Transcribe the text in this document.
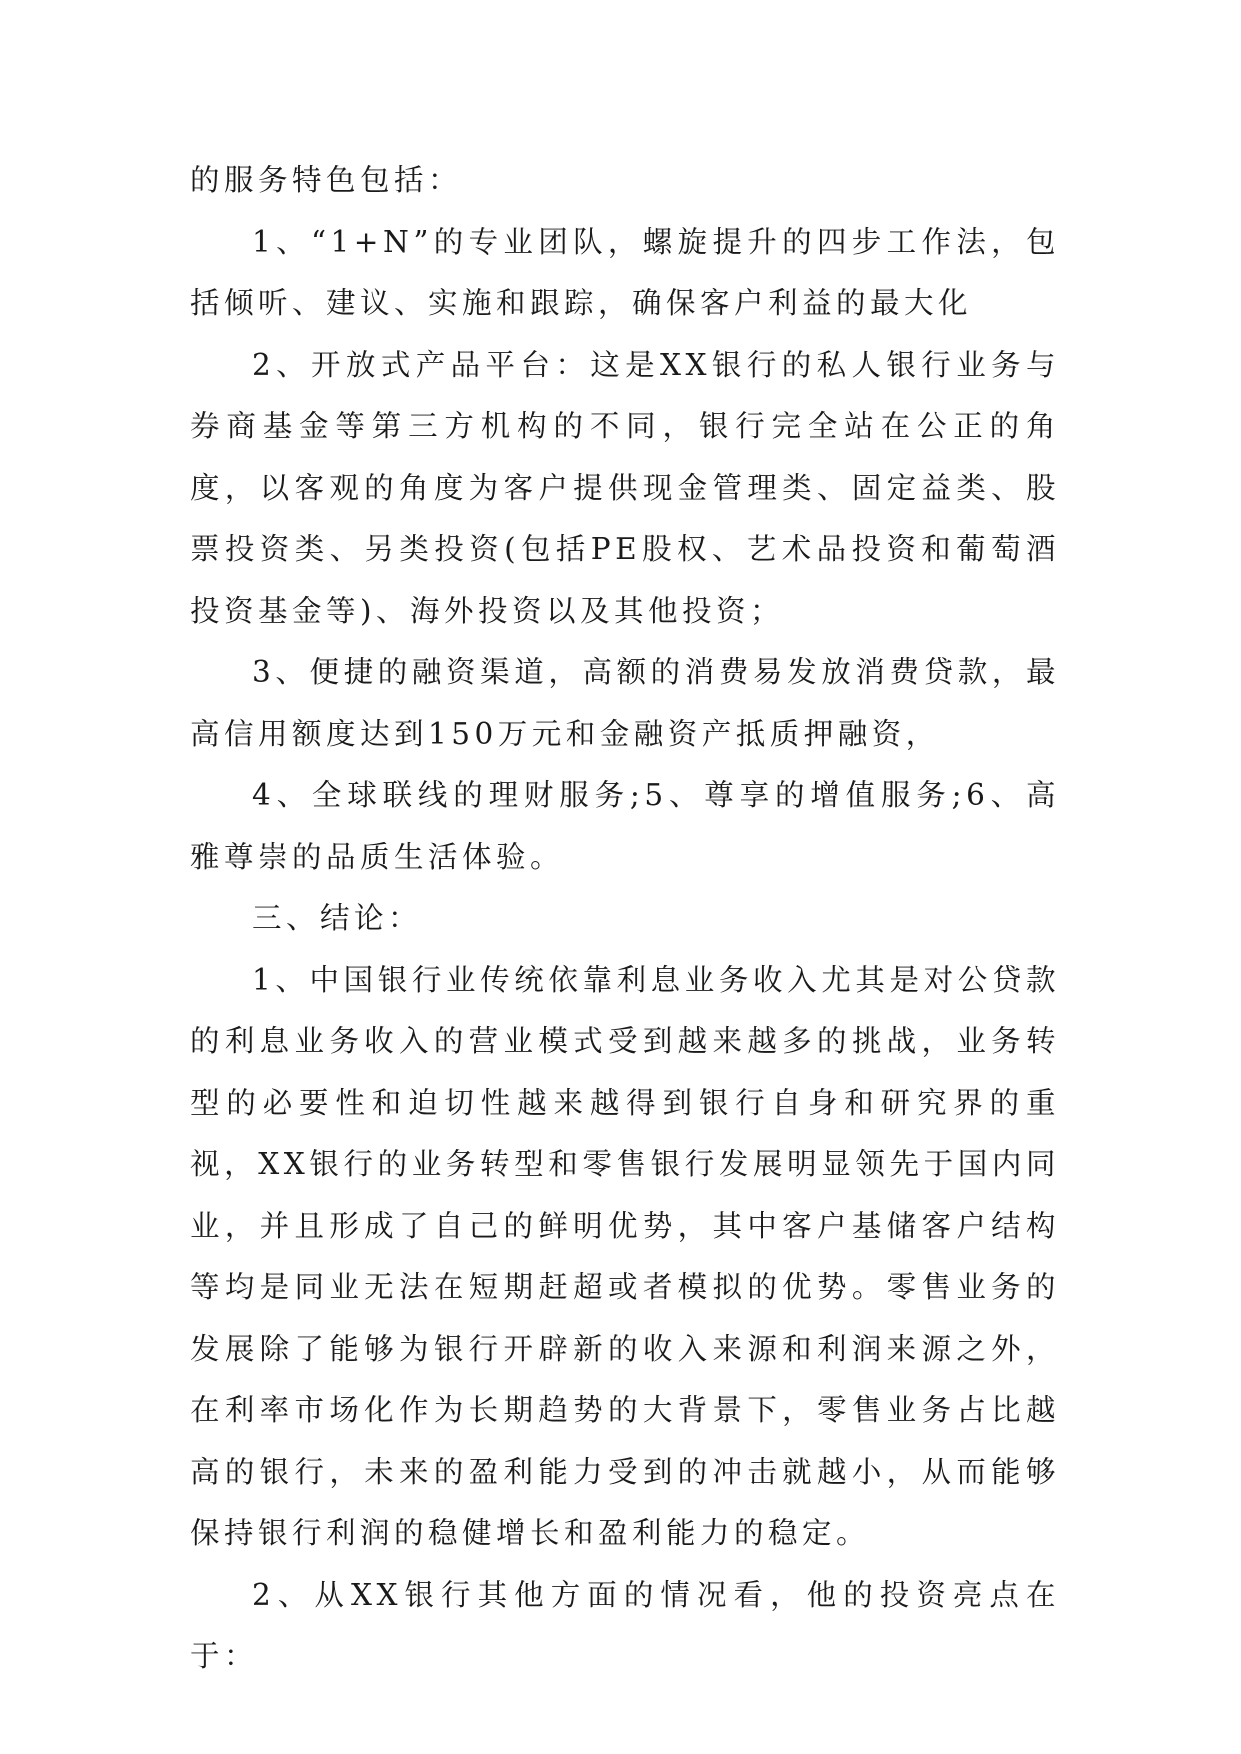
的服务特色包括：

1、“1+N”的专业团队，螺旋提升的四步工作法，包括倾听、建议、实施和跟踪，确保客户利益的最大化

2、开放式产品平台：这是XX银行的私人银行业务与券商基金等第三方机构的不同，银行完全站在公正的角度，以客观的角度为客户提供现金管理类、固定益类、股票投资类、另类投资(包括PE股权、艺术品投资和葡萄酒投资基金等)、海外投资以及其他投资；

3、便捷的融资渠道，高额的消费易发放消费贷款，最高信用额度达到150万元和金融资产抵质押融资，

4、全球联线的理财服务;5、尊享的增值服务;6、高雅尊崇的品质生活体验。

三、结论：

1、中国银行业传统依靠利息业务收入尤其是对公贷款的利息业务收入的营业模式受到越来越多的挑战，业务转型的必要性和迫切性越来越得到银行自身和研究界的重视，XX银行的业务转型和零售银行发展明显领先于国内同业，并且形成了自己的鲜明优势，其中客户基储客户结构等均是同业无法在短期赶超或者模拟的优势。零售业务的发展除了能够为银行开辟新的收入来源和利润来源之外，在利率市场化作为长期趋势的大背景下，零售业务占比越高的银行，未来的盈利能力受到的冲击就越小，从而能够保持银行利润的稳健增长和盈利能力的稳定。

2、从XX银行其他方面的情况看，他的投资亮点在于：
